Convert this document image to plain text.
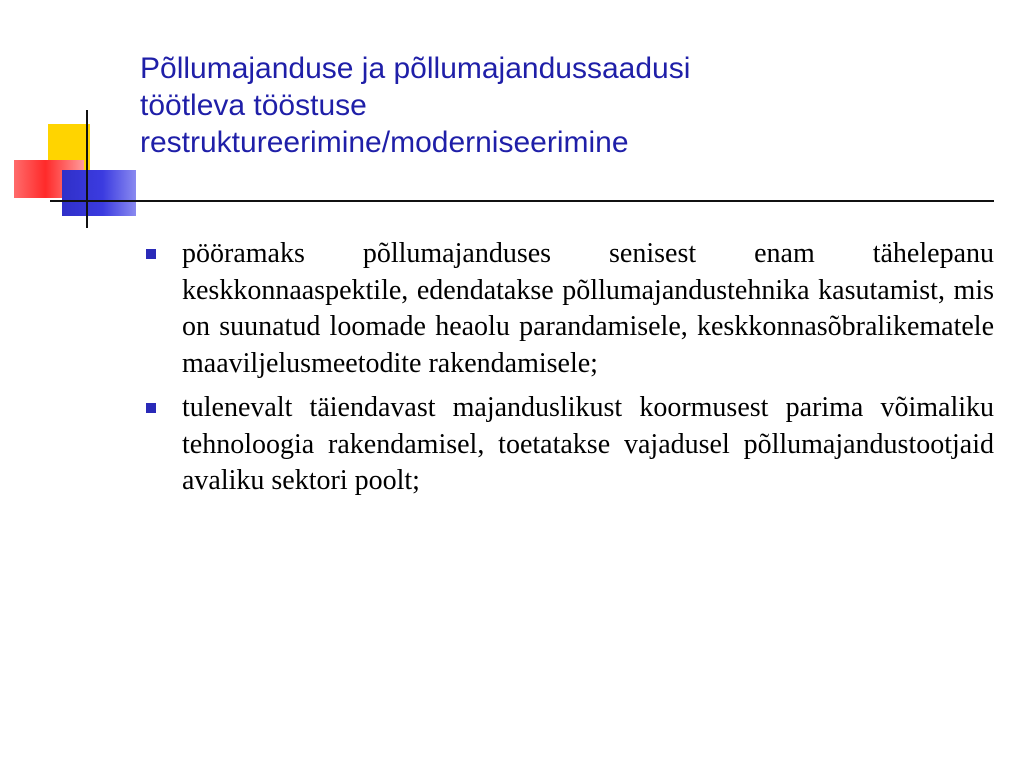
Põllumajanduse ja põllumajandussaadusi
töötleva tööstuse
restruktureerimine/moderniseerimine
pööramaks põllumajanduses senisest enam tähelepanu keskkonnaaspektile, edendatakse põllumajandustehnika kasutamist, mis on suunatud loomade heaolu parandamisele, keskkonnasõbralikematele maaviljelusmeetodite rakendamisele;
tulenevalt täiendavast majanduslikust koormusest parima võimaliku tehnoloogia rakendamisel, toetatakse vajadusel põllumajandustootjaid avaliku sektori poolt;
